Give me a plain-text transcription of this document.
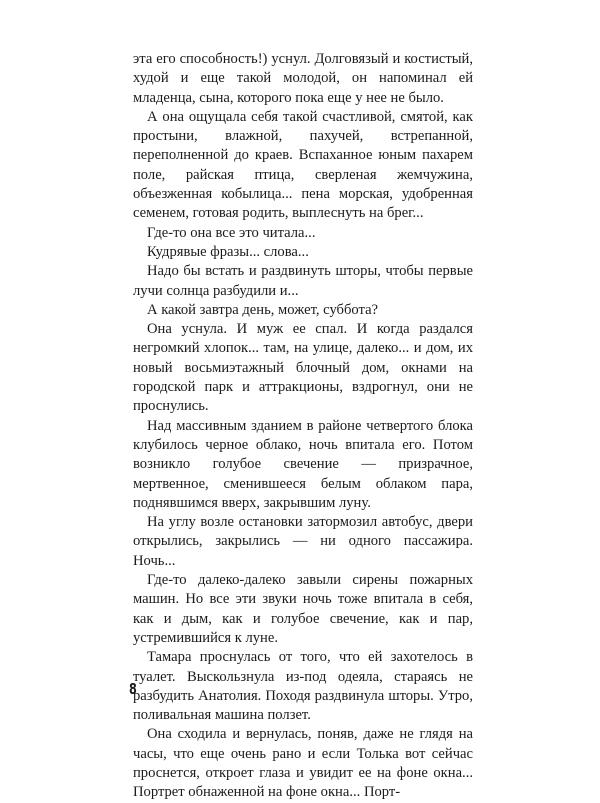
эта его способность!) уснул. Долговязый и костистый, худой и еще такой молодой, он напоминал ей младенца, сына, которого пока еще у нее не было.

А она ощущала себя такой счастливой, смятой, как простыни, влажной, пахучей, встрепанной, переполненной до краев. Вспаханное юным пахарем поле, райская птица, сверленая жемчужина, объезженная кобылица... пена морская, удобренная семенем, готовая родить, выплеснуть на брег...

Где-то она все это читала...

Кудрявые фразы... слова...

Надо бы встать и раздвинуть шторы, чтобы первые лучи солнца разбудили и...

А какой завтра день, может, суббота?

Она уснула. И муж ее спал. И когда раздался негромкий хлопок... там, на улице, далеко... и дом, их новый восьмиэтажный блочный дом, окнами на городской парк и аттракционы, вздрогнул, они не проснулись.

Над массивным зданием в районе четвертого блока клубилось черное облако, ночь впитала его. Потом возникло голубое свечение — призрачное, мертвенное, сменившееся белым облаком пара, поднявшимся вверх, закрывшим луну.

На углу возле остановки затормозил автобус, двери открылись, закрылись — ни одного пассажира. Ночь...

Где-то далеко-далеко завыли сирены пожарных машин. Но все эти звуки ночь тоже впитала в себя, как и дым, как и голубое свечение, как и пар, устремившийся к луне.

Тамара проснулась от того, что ей захотелось в туалет. Выскользнула из-под одеяла, стараясь не разбудить Анатолия. Походя раздвинула шторы. Утро, поливальная машина ползет.

Она сходила и вернулась, поняв, даже не глядя на часы, что еще очень рано и если Толька вот сейчас проснется, откроет глаза и увидит ее на фоне окна... Портрет обнаженной на фоне окна... Порт-

8
